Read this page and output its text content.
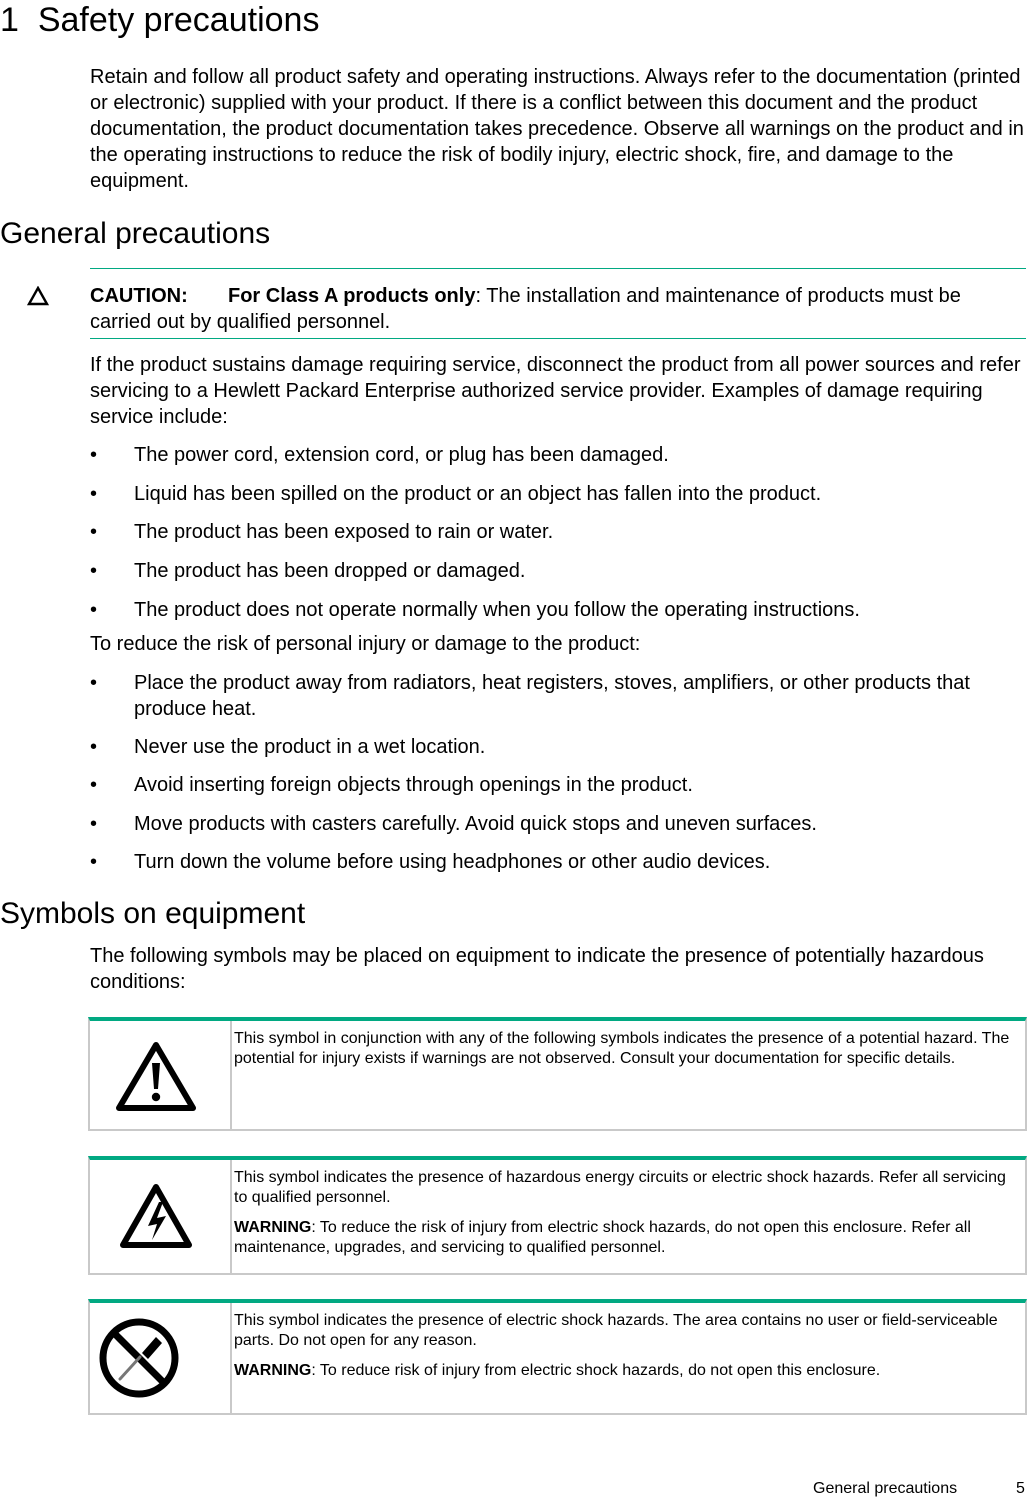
1 Safety precautions
Retain and follow all product safety and operating instructions. Always refer to the documentation (printed or electronic) supplied with your product. If there is a conflict between this document and the product documentation, the product documentation takes precedence. Observe all warnings on the product and in the operating instructions to reduce the risk of bodily injury, electric shock, fire, and damage to the equipment.
General precautions
CAUTION: For Class A products only: The installation and maintenance of products must be carried out by qualified personnel.
If the product sustains damage requiring service, disconnect the product from all power sources and refer servicing to a Hewlett Packard Enterprise authorized service provider. Examples of damage requiring service include:
•	The power cord, extension cord, or plug has been damaged.
•	Liquid has been spilled on the product or an object has fallen into the product.
•	The product has been exposed to rain or water.
•	The product has been dropped or damaged.
•	The product does not operate normally when you follow the operating instructions.
To reduce the risk of personal injury or damage to the product:
•	Place the product away from radiators, heat registers, stoves, amplifiers, or other products that produce heat.
•	Never use the product in a wet location.
•	Avoid inserting foreign objects through openings in the product.
•	Move products with casters carefully. Avoid quick stops and uneven surfaces.
•	Turn down the volume before using headphones or other audio devices.
Symbols on equipment
The following symbols may be placed on equipment to indicate the presence of potentially hazardous conditions:

This symbol in conjunction with any of the following symbols indicates the presence of a potential hazard. The potential for injury exists if warnings are not observed. Consult your documentation for specific details.

This symbol indicates the presence of hazardous energy circuits or electric shock hazards. Refer all servicing to qualified personnel.

WARNING: To reduce the risk of injury from electric shock hazards, do not open this enclosure. Refer all maintenance, upgrades, and servicing to qualified personnel.

This symbol indicates the presence of electric shock hazards. The area contains no user or field-serviceable parts. Do not open for any reason.

WARNING: To reduce risk of injury from electric shock hazards, do not open this enclosure.

General precautions	5
